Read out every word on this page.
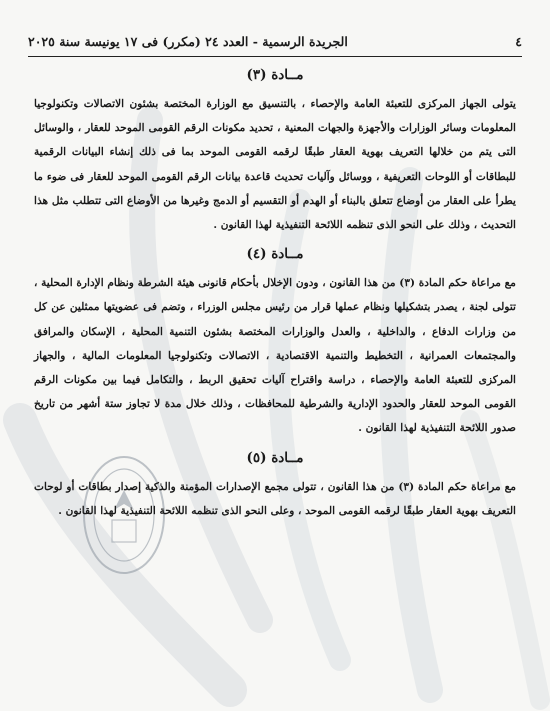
٤
الجريدة الرسمية - العدد ٢٤ (مكرر) فى ١٧ يونيسة سنة ٢٠٢٥
مــادة (٣)
يتولى الجهاز المركزى للتعبئة العامة والإحصاء ، بالتنسيق مع الوزارة المختصة بشئون الاتصالات وتكنولوجيا المعلومات وسائر الوزارات والأجهزة والجهات المعنية ، تحديد مكونات الرقم القومى الموحد للعقار ، والوسائل التى يتم من خلالها التعريف بهوية العقار طبقًا لرقمه القومى الموحد بما فى ذلك إنشاء البيانات الرقمية للبطاقات أو اللوحات التعريفية ، ووسائل وآليات تحديث قاعدة بيانات الرقم القومى الموحد للعقار فى ضوء ما يطرأ على العقار من أوضاع تتعلق بالبناء أو الهدم أو التقسيم أو الدمج وغيرها من الأوضاع التى تتطلب مثل هذا التحديث ، وذلك على النحو الذى تنظمه اللائحة التنفيذية لهذا القانون .
مــادة (٤)
مع مراعاة حكم المادة (٣) من هذا القانون ، ودون الإخلال بأحكام قانونى هيئة الشرطة ونظام الإدارة المحلية ، تتولى لجنة ، يصدر بتشكيلها ونظام عملها قرار من رئيس مجلس الوزراء ، وتضم فى عضويتها ممثلين عن كل من وزارات الدفاع ، والداخلية ، والعدل والوزارات المختصة بشئون التنمية المحلية ، الإسكان والمرافق والمجتمعات العمرانية ، التخطيط والتنمية الاقتصادية ، الاتصالات وتكنولوجيا المعلومات المالية ، والجهاز المركزى للتعبئة العامة والإحصاء ، دراسة واقتراح آليات تحقيق الربط ، والتكامل فيما بين مكونات الرقم القومى الموحد للعقار والحدود الإدارية والشرطية للمحافظات ، وذلك خلال مدة لا تجاوز ستة أشهر من تاريخ صدور اللائحة التنفيذية لهذا القانون .
مــادة (٥)
مع مراعاة حكم المادة (٣) من هذا القانون ، تتولى مجمع الإصدارات المؤمنة والذكية إصدار بطاقات أو لوحات التعريف بهوية العقار طبقًا لرقمه القومى الموحد ، وعلى النحو الذى تنظمه اللائحة التنفيذية لهذا القانون .
